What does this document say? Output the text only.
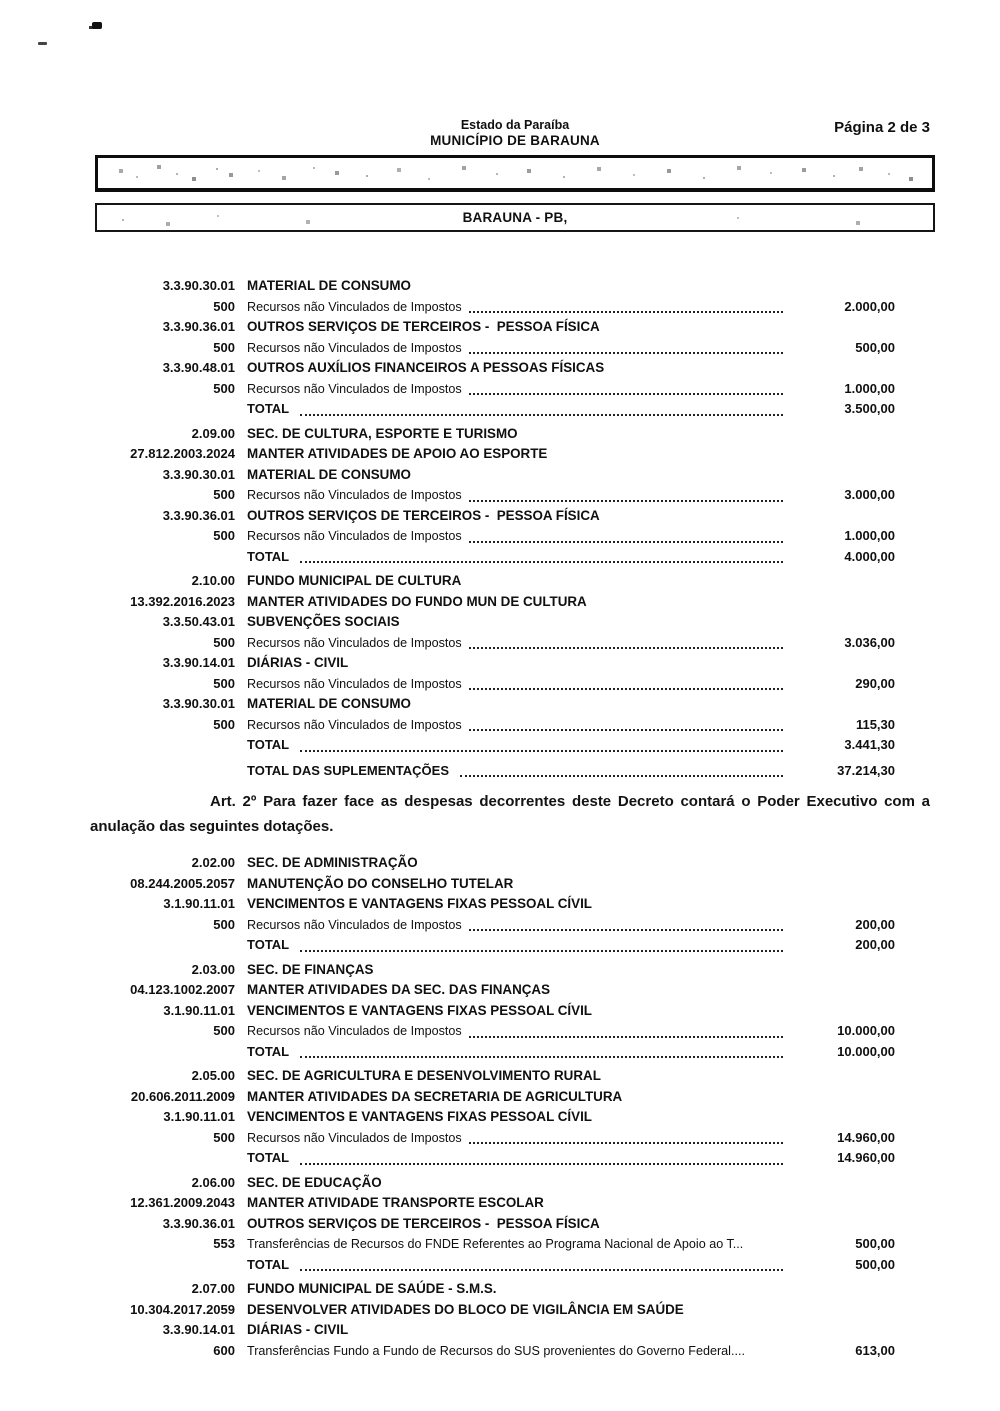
Página 2 de 3
Estado da Paraíba
MUNICÍPIO DE BARAUNA
BARAUNA - PB,
3.3.90.30.01 MATERIAL DE CONSUMO
500 Recursos não Vinculados de Impostos	2.000,00
3.3.90.36.01 OUTROS SERVIÇOS DE TERCEIROS -  PESSOA FÍSICA
500 Recursos não Vinculados de Impostos	500,00
3.3.90.48.01 OUTROS AUXÍLIOS FINANCEIROS A PESSOAS FÍSICAS
500 Recursos não Vinculados de Impostos	1.000,00
TOTAL	3.500,00
2.09.00 SEC. DE CULTURA, ESPORTE E TURISMO
27.812.2003.2024 MANTER ATIVIDADES DE APOIO AO ESPORTE
3.3.90.30.01 MATERIAL DE CONSUMO
500 Recursos não Vinculados de Impostos	3.000,00
3.3.90.36.01 OUTROS SERVIÇOS DE TERCEIROS -  PESSOA FÍSICA
500 Recursos não Vinculados de Impostos	1.000,00
TOTAL	4.000,00
2.10.00 FUNDO MUNICIPAL DE CULTURA
13.392.2016.2023 MANTER ATIVIDADES DO FUNDO MUN DE CULTURA
3.3.50.43.01 SUBVENÇÕES SOCIAIS
500 Recursos não Vinculados de Impostos	3.036,00
3.3.90.14.01 DIÁRIAS - CIVIL
500 Recursos não Vinculados de Impostos	290,00
3.3.90.30.01 MATERIAL DE CONSUMO
500 Recursos não Vinculados de Impostos	115,30
TOTAL	3.441,30
TOTAL DAS SUPLEMENTAÇÕES	37.214,30

Art. 2º Para fazer face as despesas decorrentes deste Decreto contará o Poder Executivo com a anulação das seguintes dotações.

2.02.00 SEC. DE ADMINISTRAÇÃO
08.244.2005.2057 MANUTENÇÃO DO CONSELHO TUTELAR
3.1.90.11.01 VENCIMENTOS E VANTAGENS FIXAS PESSOAL CÍVIL
500 Recursos não Vinculados de Impostos	200,00
TOTAL	200,00
2.03.00 SEC. DE FINANÇAS
04.123.1002.2007 MANTER ATIVIDADES DA SEC. DAS FINANÇAS
3.1.90.11.01 VENCIMENTOS E VANTAGENS FIXAS PESSOAL CÍVIL
500 Recursos não Vinculados de Impostos	10.000,00
TOTAL	10.000,00
2.05.00 SEC. DE AGRICULTURA E DESENVOLVIMENTO RURAL
20.606.2011.2009 MANTER ATIVIDADES DA SECRETARIA DE AGRICULTURA
3.1.90.11.01 VENCIMENTOS E VANTAGENS FIXAS PESSOAL CÍVIL
500 Recursos não Vinculados de Impostos	14.960,00
TOTAL	14.960,00
2.06.00 SEC. DE EDUCAÇÃO
12.361.2009.2043 MANTER ATIVIDADE TRANSPORTE ESCOLAR
3.3.90.36.01 OUTROS SERVIÇOS DE TERCEIROS -  PESSOA FÍSICA
553 Transferências de Recursos do FNDE Referentes ao Programa Nacional de Apoio ao T...	500,00
TOTAL	500,00
2.07.00 FUNDO MUNICIPAL DE SAÚDE - S.M.S.
10.304.2017.2059 DESENVOLVER ATIVIDADES DO BLOCO DE VIGILÂNCIA EM SAÚDE
3.3.90.14.01 DIÁRIAS - CIVIL
600 Transferências Fundo a Fundo de Recursos do SUS provenientes do Governo Federal....	613,00
